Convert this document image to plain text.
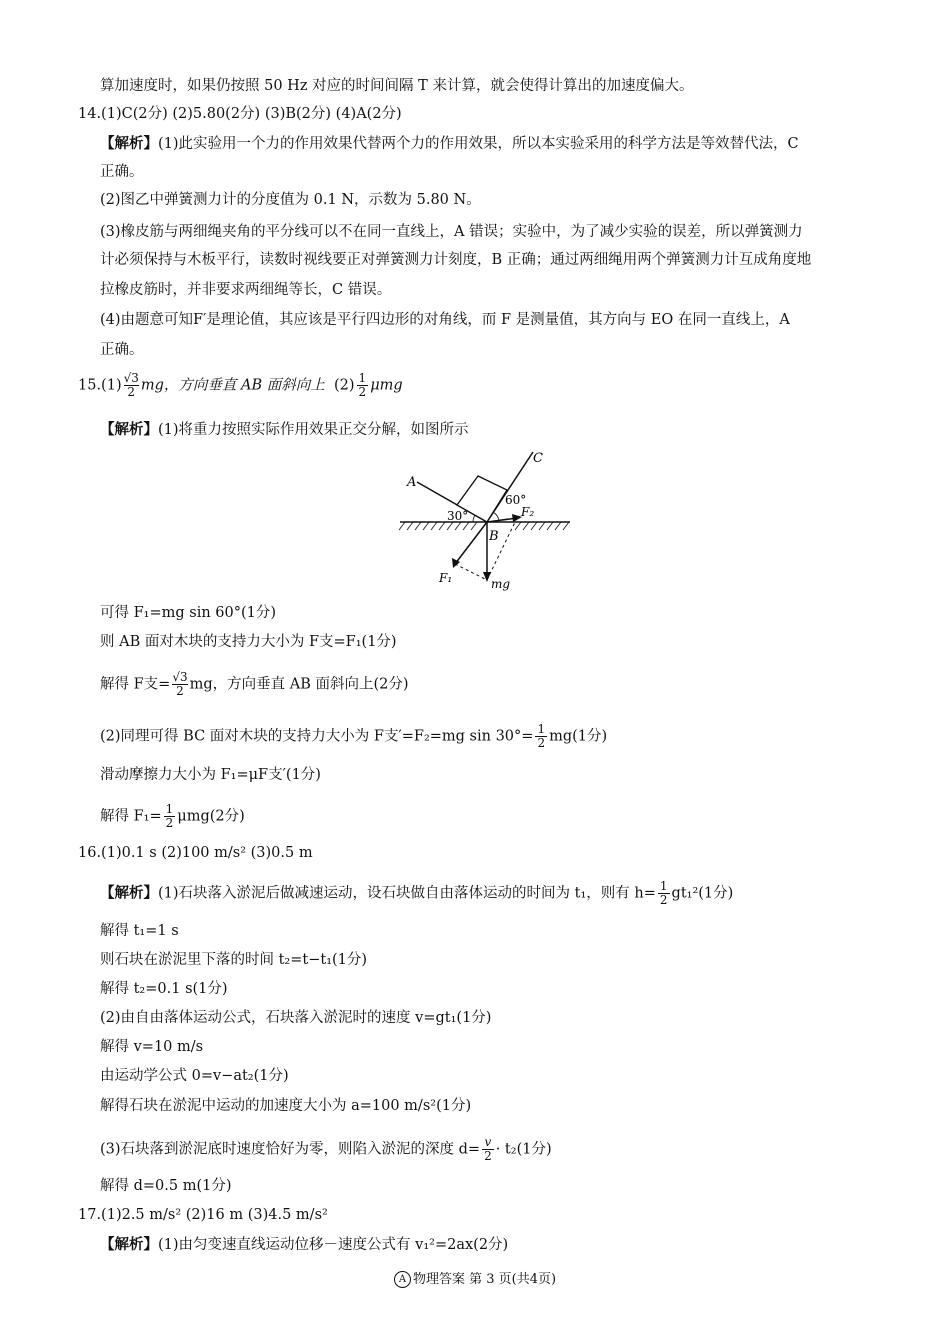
算加速度时，如果仍按照 50 Hz 对应的时间间隔 T 来计算，就会使得计算出的加速度偏大。
14.(1)C(2分) (2)5.80(2分) (3)B(2分) (4)A(2分)
【解析】(1)此实验用一个力的作用效果代替两个力的作用效果，所以本实验采用的科学方法是等效替代法，C
正确。
(2)图乙中弹簧测力计的分度值为 0.1 N，示数为 5.80 N。
(3)橡皮筋与两细绳夹角的平分线可以不在同一直线上，A 错误；实验中，为了减少实验的误差，所以弹簧测力
计必须保持与木板平行，读数时视线要正对弹簧测力计刻度，B 正确；通过两细绳用两个弹簧测力计互成角度地
拉橡皮筋时，并非要求两细绳等长，C 错误。
(4)由题意可知F′是理论值，其应该是平行四边形的对角线，而 F 是测量值，其方向与 EO 在同一直线上，A
正确。
$15.(1) \frac{√3}{2}$ mg，方向垂直 AB 面斜向上 $(2) \frac{1}{2}$ μmg
【解析】(1)将重力按照实际作用效果正交分解，如图所示
A
C
B
30°
60°
F₁
F₂
mg
可得 F₁=mg sin 60°(1分)
则 AB 面对木块的支持力大小为 F支=F₁(1分)
解得 F支= $\frac{√3}{2}$ mg，方向垂直 AB 面斜向上(2分)
(2)同理可得 BC 面对木块的支持力大小为 F支′=F₂=mg $\sin 30^\circ= \frac{1}{2} mg(1$分)
滑动摩擦力大小为 F₁=μF支′(1分)
解得 $F_1= \frac{1}{2} \mu mg(2$分)
16.(1)0.1 s (2)100 m/s² (3)0.5 m
【解析】(1)石块落入淤泥后做减速运动，设石块做自由落体运动的时间为 t₁，则有 $h= \frac{1}{2} gt_1^2(1$分)
解得 t₁=1 s
则石块在淤泥里下落的时间 t₂=t−t₁(1分)
解得 t₂=0.1 s(1分)
(2)由自由落体运动公式，石块落入淤泥时的速度 v=gt₁(1分)
解得 v=10 m/s
由运动学公式 0=v−at₂(1分)
解得石块在淤泥中运动的加速度大小为 a=100 m/s²(1分)
(3)石块落到淤泥底时速度恰好为零，则陷入淤泥的深度 $d= \frac{v}{2} \cdot t_2(1$分)
解得 d=0.5 m(1分)
17.(1)2.5 m/s² (2)16 m (3)4.5 m/s²
【解析】(1)由匀变速直线运动位移－速度公式有 v₁²=2ax(2分)
A 物理答案 第 3 页(共4页)
